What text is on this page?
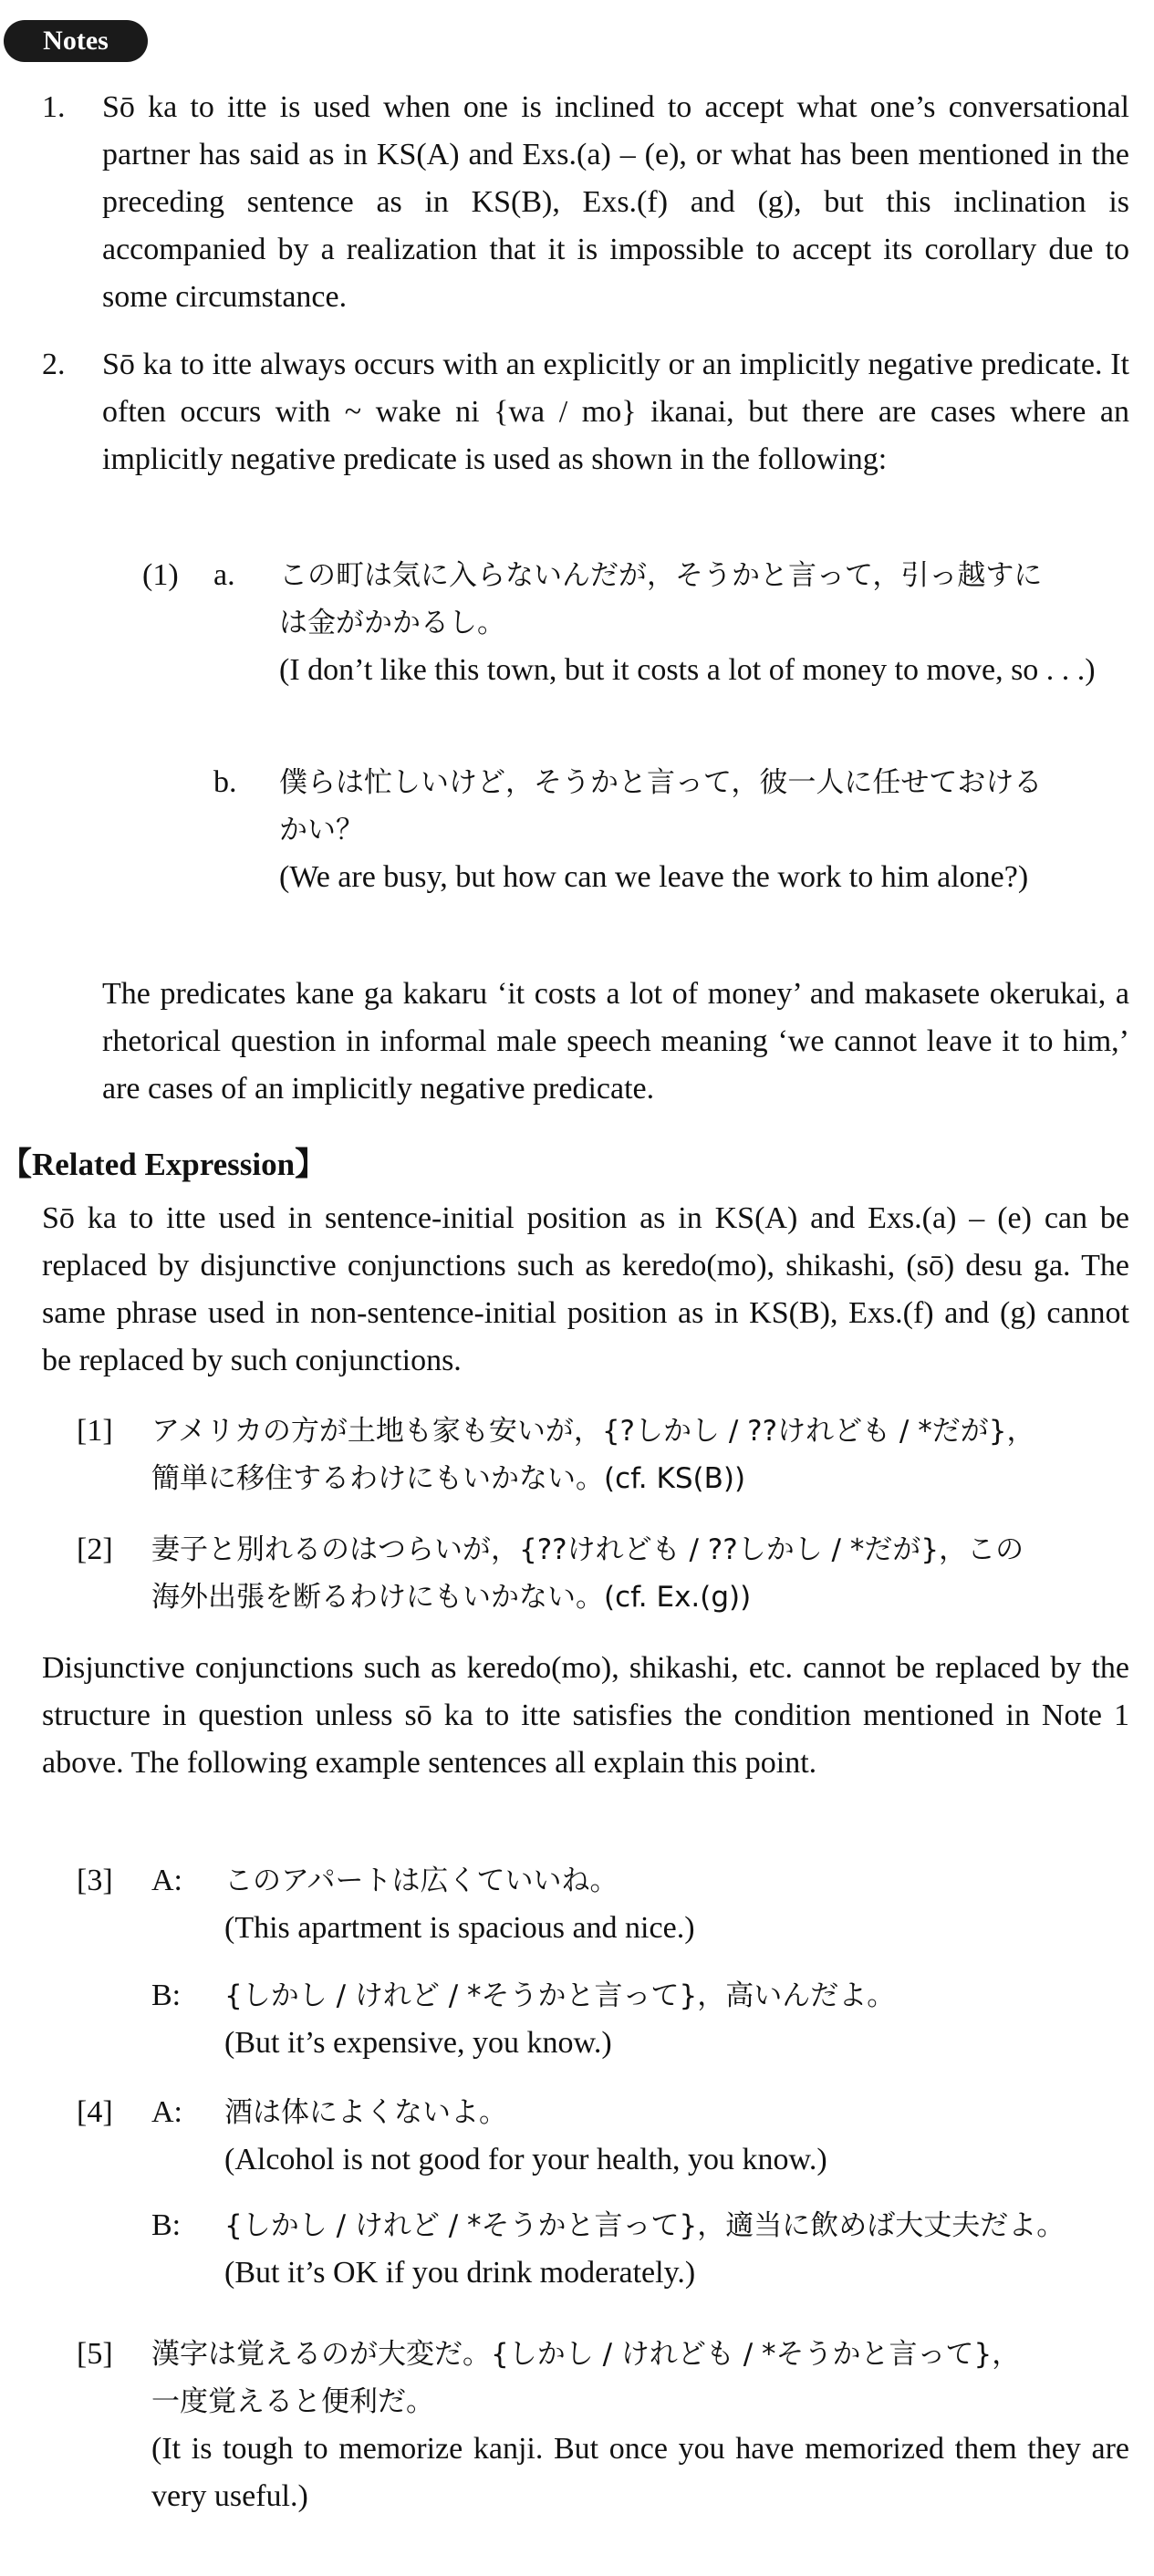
Notes
1. Sō ka to itte is used when one is inclined to accept what one’s conversational partner has said as in KS(A) and Exs.(a) – (e), or what has been mentioned in the preceding sentence as in KS(B), Exs.(f) and (g), but this inclination is accompanied by a realization that it is impossible to accept its corollary due to some circumstance.
2. Sō ka to itte always occurs with an explicitly or an implicitly negative predicate. It often occurs with ~ wake ni {wa / mo} ikanai, but there are cases where an implicitly negative predicate is used as shown in the following:
(1) a. この町は気に入らないんだが，そうかと言って，引っ越すに
は金がかかるし。
(I don’t like this town, but it costs a lot of money to move, so . . .)
b. 僕らは忙しいけど，そうかと言って，彼一人に任せておける
かい？
(We are busy, but how can we leave the work to him alone?)
The predicates kane ga kakaru ‘it costs a lot of money’ and makasete okerukai, a rhetorical question in informal male speech meaning ‘we cannot leave it to him,’ are cases of an implicitly negative predicate.
【Related Expression】
Sō ka to itte used in sentence-initial position as in KS(A) and Exs.(a) – (e) can be replaced by disjunctive conjunctions such as keredo(mo), shikashi, (sō) desu ga. The same phrase used in non-sentence-initial position as in KS(B), Exs.(f) and (g) cannot be replaced by such conjunctions.
[1] アメリカの方が土地も家も安いが，{?しかし / ??けれども / *だが}，
簡単に移住するわけにもいかない。(cf. KS(B))
[2] 妻子と別れるのはつらいが，{??けれども / ??しかし / *だが}，この
海外出張を断るわけにもいかない。(cf. Ex.(g))
Disjunctive conjunctions such as keredo(mo), shikashi, etc. cannot be replaced by the structure in question unless sō ka to itte satisfies the condition mentioned in Note 1 above. The following example sentences all explain this point.
[3] A: このアパートは広くていいね。
(This apartment is spacious and nice.)
B: {しかし / けれど / *そうかと言って}，高いんだよ。
(But it’s expensive, you know.)
[4] A: 酒は体によくないよ。
(Alcohol is not good for your health, you know.)
B: {しかし / けれど / *そうかと言って}，適当に飲めば大丈夫だよ。
(But it’s OK if you drink moderately.)
[5] 漢字は覚えるのが大変だ。{しかし / けれども / *そうかと言って}，
一度覚えると便利だ。
(It is tough to memorize kanji. But once you have memorized them they are very useful.)
